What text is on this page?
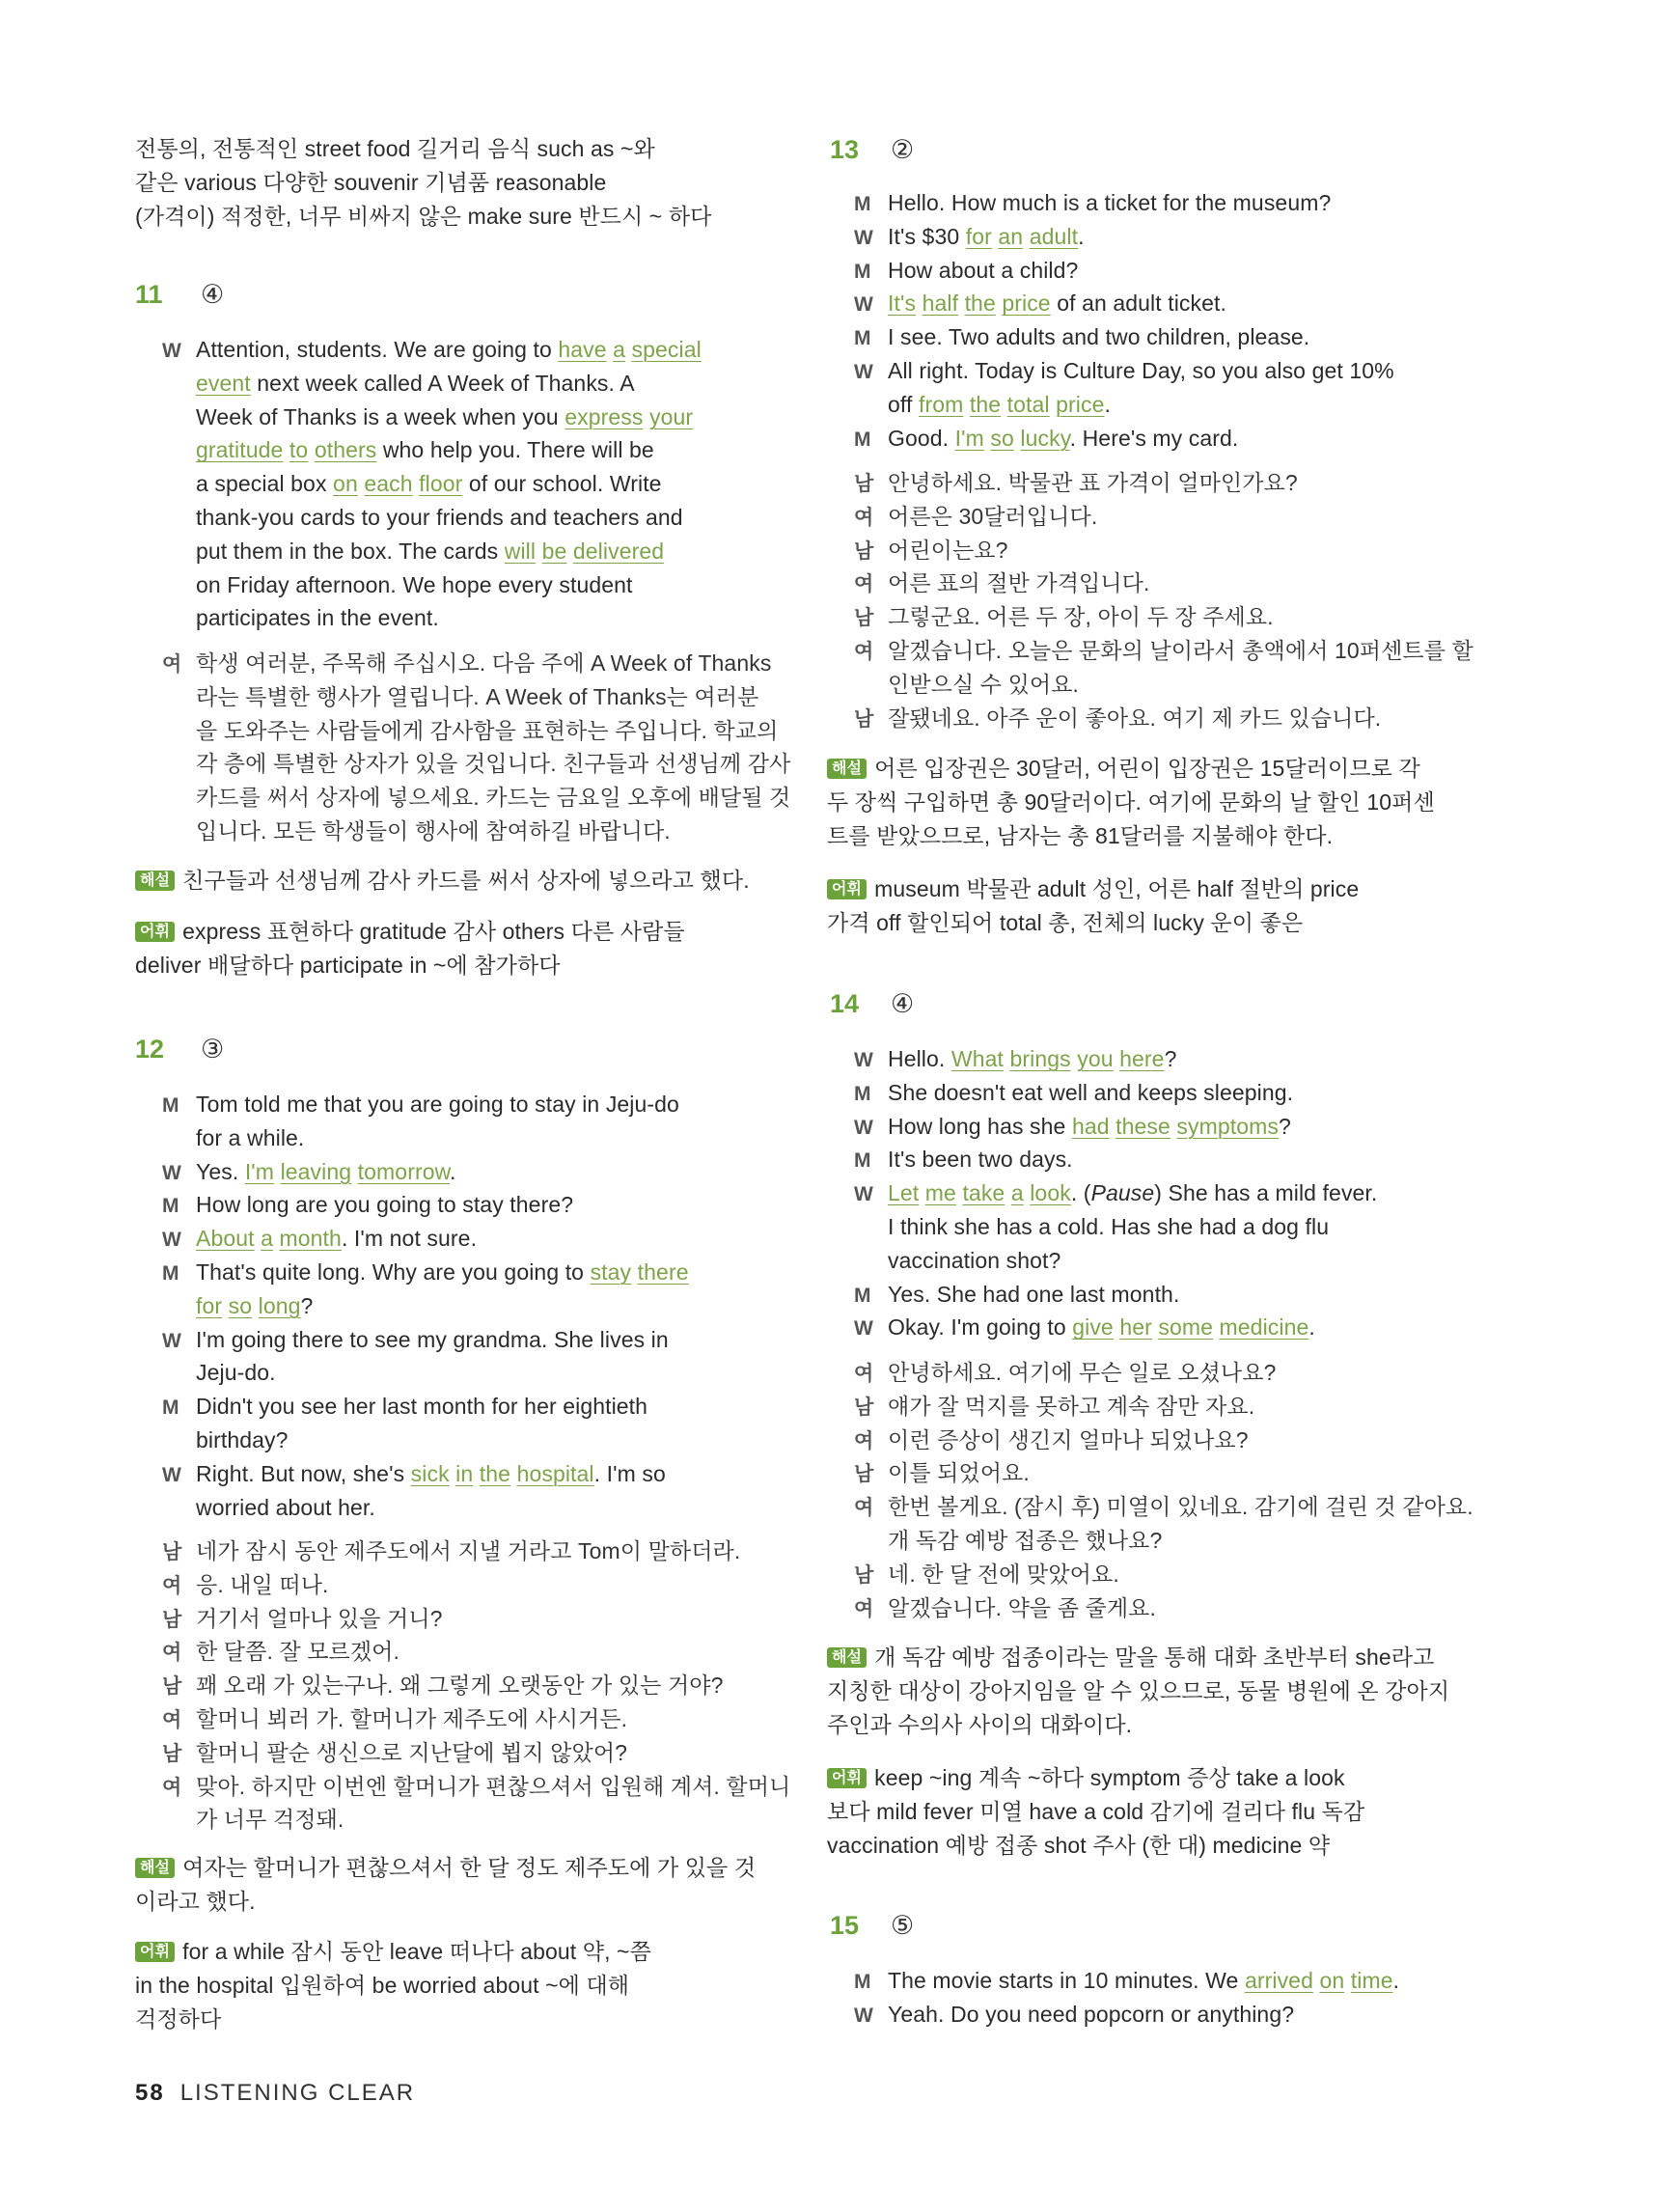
전통의, 전통적인 street food 길거리 음식 such as ~와
같은 various 다양한 souvenir 기념품 reasonable
(가격이) 적정한, 너무 비싸지 않은 make sure 반드시 ~ 하다
11 ④
W Attention, students. We are going to have a special
event next week called A Week of Thanks. A
Week of Thanks is a week when you express your
gratitude to others who help you. There will be
a special box on each floor of our school. Write
thank-you cards to your friends and teachers and
put them in the box. The cards will be delivered
on Friday afternoon. We hope every student
participates in the event.
여 학생 여러분, 주목해 주십시오. 다음 주에 A Week of Thanks
라는 특별한 행사가 열립니다. A Week of Thanks는 여러분
을 도와주는 사람들에게 감사함을 표현하는 주입니다. 학교의
각 층에 특별한 상자가 있을 것입니다. 친구들과 선생님께 감사
카드를 써서 상자에 넣으세요. 카드는 금요일 오후에 배달될 것
입니다. 모든 학생들이 행사에 참여하길 바랍니다.
해설 친구들과 선생님께 감사 카드를 써서 상자에 넣으라고 했다.
어휘 express 표현하다 gratitude 감사 others 다른 사람들
deliver 배달하다 participate in ~에 참가하다
12 ③
M Tom told me that you are going to stay in Jeju-do
for a while.
W Yes. I'm leaving tomorrow.
M How long are you going to stay there?
W About a month. I'm not sure.
M That's quite long. Why are you going to stay there
for so long?
W I'm going there to see my grandma. She lives in
Jeju-do.
M Didn't you see her last month for her eightieth
birthday?
W Right. But now, she's sick in the hospital. I'm so
worried about her.
남 네가 잠시 동안 제주도에서 지낼 거라고 Tom이 말하더라.
여 응. 내일 떠나.
남 거기서 얼마나 있을 거니?
여 한 달쯤. 잘 모르겠어.
남 꽤 오래 가 있는구나. 왜 그렇게 오랫동안 가 있는 거야?
여 할머니 뵈러 가. 할머니가 제주도에 사시거든.
남 할머니 팔순 생신으로 지난달에 뵙지 않았어?
여 맞아. 하지만 이번엔 할머니가 편찮으셔서 입원해 계셔. 할머니
가 너무 걱정돼.
해설 여자는 할머니가 편찮으셔서 한 달 정도 제주도에 가 있을 것
이라고 했다.
어휘 for a while 잠시 동안 leave 떠나다 about 약, ~쯤
in the hospital 입원하여 be worried about ~에 대해
걱정하다
13 ②
M Hello. How much is a ticket for the museum?
W It's $30 for an adult.
M How about a child?
W It's half the price of an adult ticket.
M I see. Two adults and two children, please.
W All right. Today is Culture Day, so you also get 10%
off from the total price.
M Good. I'm so lucky. Here's my card.
남 안녕하세요. 박물관 표 가격이 얼마인가요?
여 어른은 30달러입니다.
남 어린이는요?
여 어른 표의 절반 가격입니다.
남 그렇군요. 어른 두 장, 아이 두 장 주세요.
여 알겠습니다. 오늘은 문화의 날이라서 총액에서 10퍼센트를 할
인받으실 수 있어요.
남 잘됐네요. 아주 운이 좋아요. 여기 제 카드 있습니다.
해설 어른 입장권은 30달러, 어린이 입장권은 15달러이므로 각
두 장씩 구입하면 총 90달러이다. 여기에 문화의 날 할인 10퍼센
트를 받았으므로, 남자는 총 81달러를 지불해야 한다.
어휘 museum 박물관 adult 성인, 어른 half 절반의 price
가격 off 할인되어 total 총, 전체의 lucky 운이 좋은
14 ④
W Hello. What brings you here?
M She doesn't eat well and keeps sleeping.
W How long has she had these symptoms?
M It's been two days.
W Let me take a look. (Pause) She has a mild fever.
I think she has a cold. Has she had a dog flu
vaccination shot?
M Yes. She had one last month.
W Okay. I'm going to give her some medicine.
여 안녕하세요. 여기에 무슨 일로 오셨나요?
남 얘가 잘 먹지를 못하고 계속 잠만 자요.
여 이런 증상이 생긴지 얼마나 되었나요?
남 이틀 되었어요.
여 한번 볼게요. (잠시 후) 미열이 있네요. 감기에 걸린 것 같아요.
개 독감 예방 접종은 했나요?
남 네. 한 달 전에 맞았어요.
여 알겠습니다. 약을 좀 줄게요.
해설 개 독감 예방 접종이라는 말을 통해 대화 초반부터 she라고
지칭한 대상이 강아지임을 알 수 있으므로, 동물 병원에 온 강아지
주인과 수의사 사이의 대화이다.
어휘 keep ~ing 계속 ~하다 symptom 증상 take a look
보다 mild fever 미열 have a cold 감기에 걸리다 flu 독감
vaccination 예방 접종 shot 주사 (한 대) medicine 약
15 ⑤
M The movie starts in 10 minutes. We arrived on time.
W Yeah. Do you need popcorn or anything?
58 LISTENING CLEAR
